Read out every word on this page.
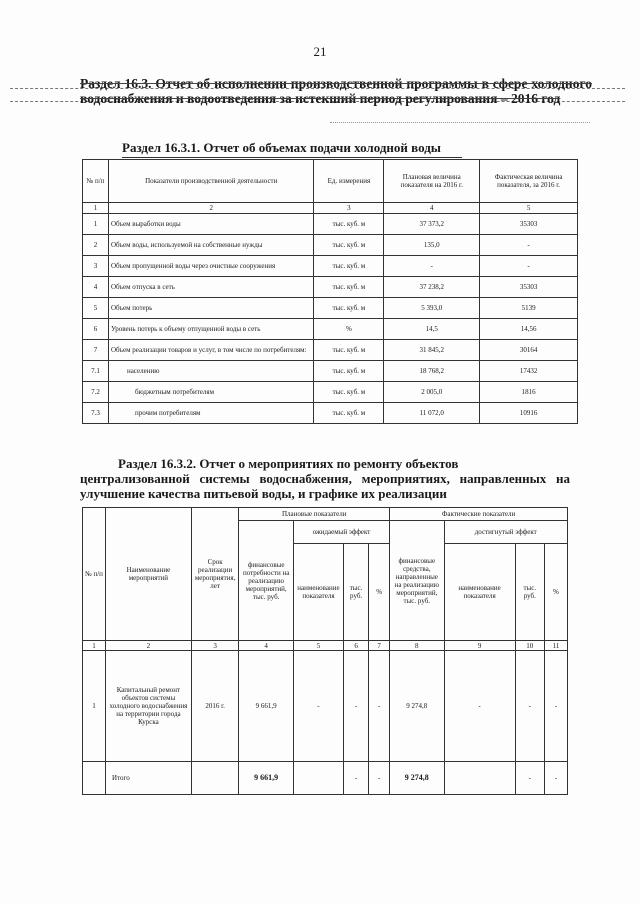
21
Раздел 16.3. Отчет об исполнении производственной программы в сфере холодного водоснабжения и водоотведения за истекший период регулирования – 2016 год
Раздел 16.3.1. Отчет об объемах подачи холодной воды
№ п/п	Показатели производственной деятельности	Ед. измерения	Плановая величина показателя на 2016 г.	Фактическая величина показателя, за 2016 г.
1	2	3	4	5
1	Объем выработки воды	тыс. куб. м	37 373,2	35303
2	Объем воды, используемой на собственные нужды	тыс. куб. м	135,0	-
3	Объем пропущенной воды через очистные сооружения	тыс. куб. м	-	-
4	Объем отпуска в сеть	тыс. куб. м	37 238,2	35303
5	Объем потерь	тыс. куб. м	5 393,0	5139
6	Уровень потерь к объему отпущенной воды в сеть	%	14,5	14,56
7	Объем реализации товаров и услуг, в том числе по потребителям:	тыс. куб. м	31 845,2	30164
7.1	населению	тыс. куб. м	18 768,2	17432
7.2	бюджетным потребителям	тыс. куб. м	2 005,0	1816
7.3	прочим потребителям	тыс. куб. м	11 072,0	10916
Раздел 16.3.2. Отчет о мероприятиях по ремонту объектов
централизованной системы водоснабжения, мероприятиях, направленных на улучшение качества питьевой воды, и графике их реализации
№ п/п	Наименование мероприятий	Срок реализации мероприятия, лет	Плановые показатели				Фактические показатели			
			финансовые потребности на реализацию мероприятий, тыс. руб.	ожидаемый эффект			финансовые средства, направленные на реализацию мероприятий, тыс. руб.	достигнутый эффект		
				наименование показателя	тыс. руб.	%		наименование показателя	тыс. руб.	%
1	2	3	4	5	6	7	8	9	10	11
1	Капитальный ремонт объектов системы холодного водоснабжения на территории города Курска	2016 г.	9 661,9	-	-	-	9 274,8	-	-	-
	Итого		9 661,9		-	-	9 274,8		-	-
